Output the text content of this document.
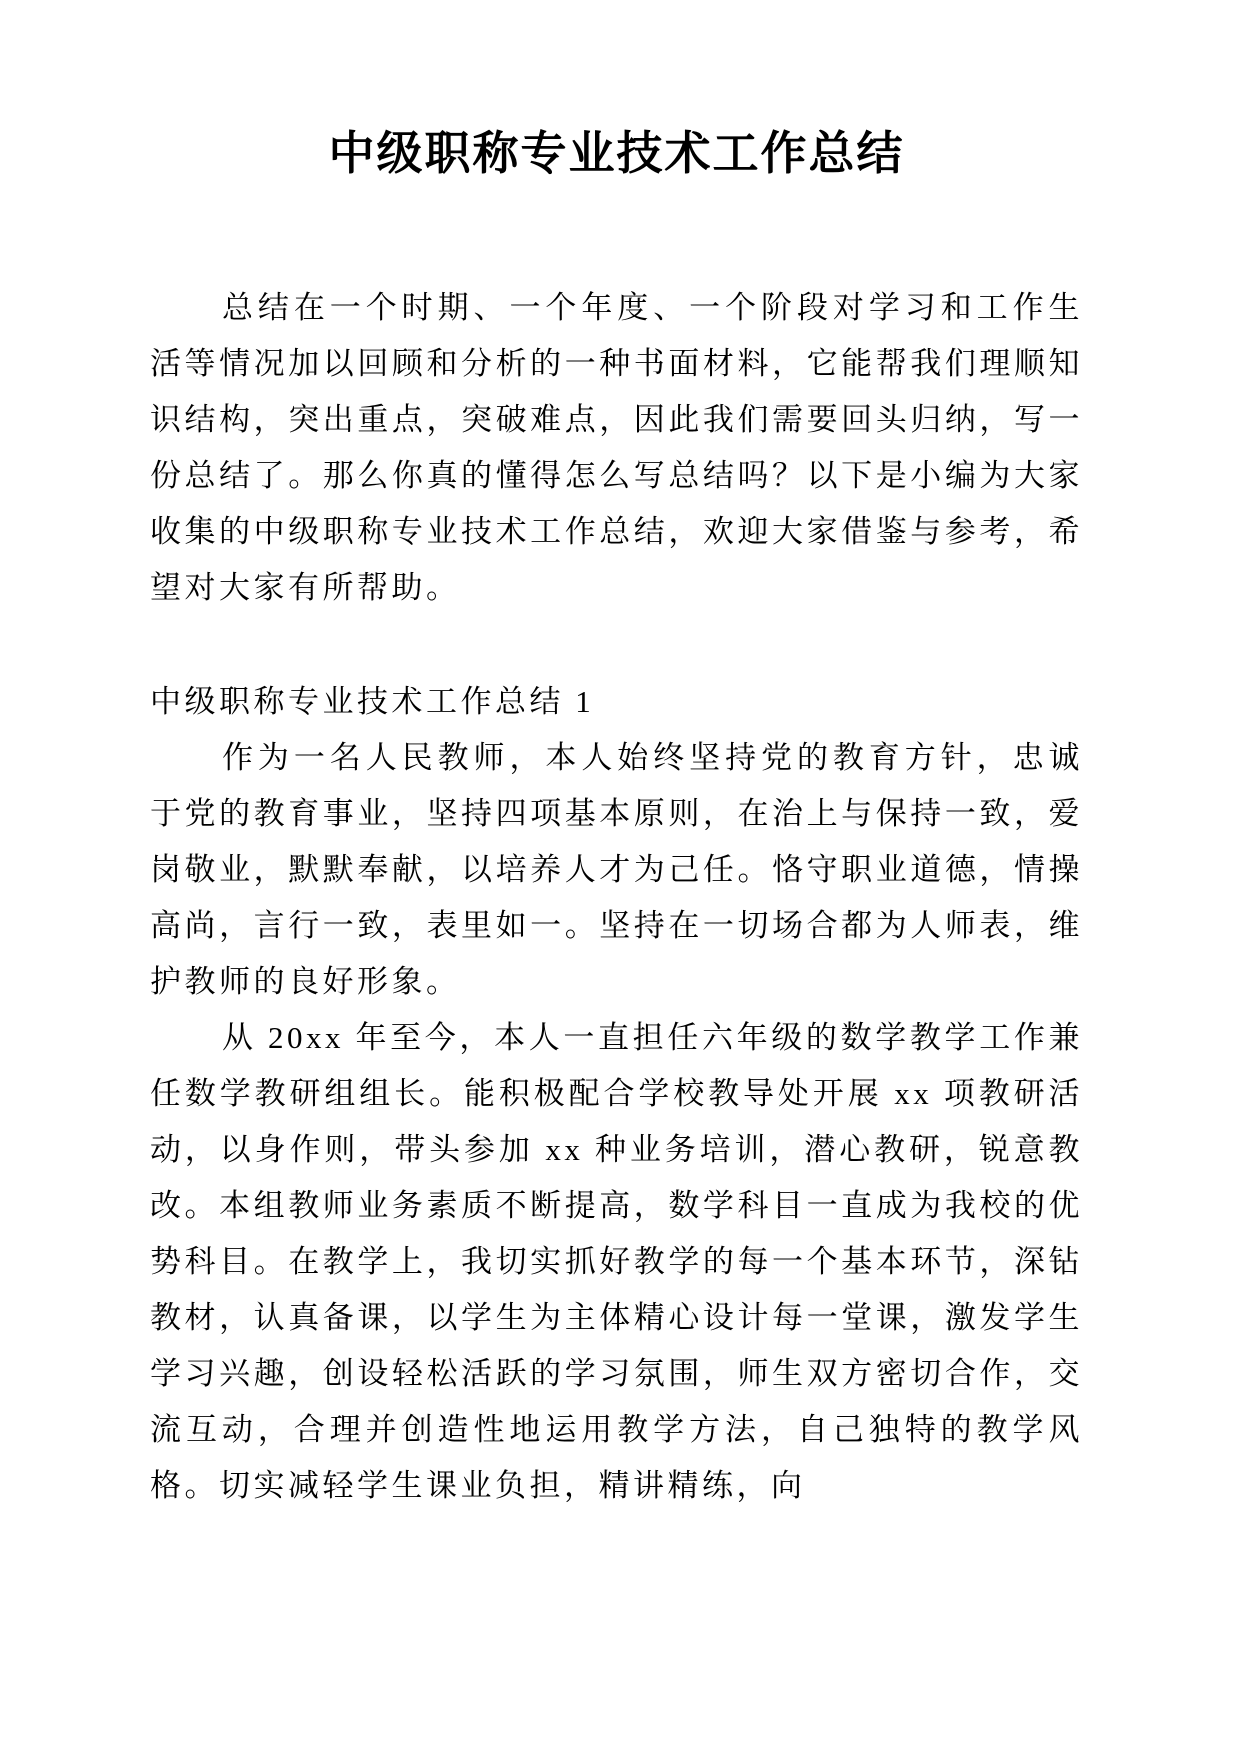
中级职称专业技术工作总结

总结在一个时期、一个年度、一个阶段对学习和工作生活等情况加以回顾和分析的一种书面材料，它能帮我们理顺知识结构，突出重点，突破难点，因此我们需要回头归纳，写一份总结了。那么你真的懂得怎么写总结吗？以下是小编为大家收集的中级职称专业技术工作总结，欢迎大家借鉴与参考，希望对大家有所帮助。

中级职称专业技术工作总结 1

作为一名人民教师，本人始终坚持党的教育方针，忠诚于党的教育事业，坚持四项基本原则，在治上与保持一致，爱岗敬业，默默奉献，以培养人才为己任。恪守职业道德，情操高尚，言行一致，表里如一。坚持在一切场合都为人师表，维护教师的良好形象。

从 20xx 年至今，本人一直担任六年级的数学教学工作兼任数学教研组组长。能积极配合学校教导处开展 xx 项教研活动，以身作则，带头参加 xx 种业务培训，潜心教研，锐意教改。本组教师业务素质不断提高，数学科目一直成为我校的优势科目。在教学上，我切实抓好教学的每一个基本环节，深钻教材，认真备课，以学生为主体精心设计每一堂课，激发学生学习兴趣，创设轻松活跃的学习氛围，师生双方密切合作，交流互动，合理并创造性地运用教学方法，自己独特的教学风格。切实减轻学生课业负担，精讲精练，向
